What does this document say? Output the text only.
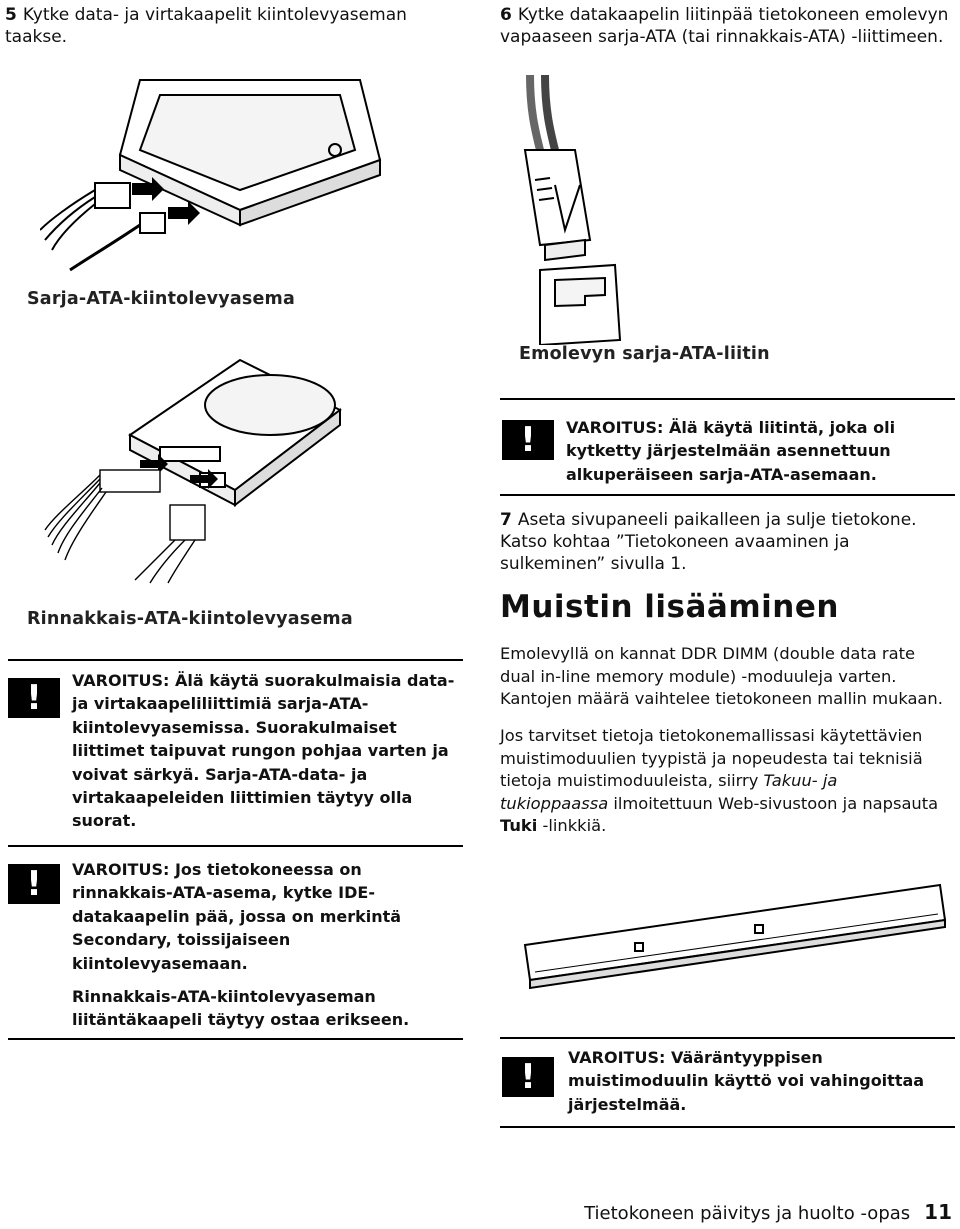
5 Kytke data- ja virtakaapelit kiintolevyaseman taakse.
6 Kytke datakaapelin liitinpää tietokoneen emolevyn vapaaseen sarja-ATA (tai rinnakkais-ATA) -liittimeen.
Sarja-ATA-kiintolevyasema
Emolevyn sarja-ATA-liitin
Rinnakkais-ATA-kiintolevyasema
!	VAROITUS: Älä käytä suorakulmaisia data- ja virtakaapeliliittimiä sarja-ATA-kiintolevyasemissa. Suorakulmaiset liittimet taipuvat rungon pohjaa varten ja voivat särkyä. Sarja-ATA-data- ja virtakaapeleiden liittimien täytyy olla suorat.
!	VAROITUS: Jos tietokoneessa on rinnakkais-ATA-asema, kytke IDE-datakaapelin pää, jossa on merkintä Secondary, toissijaiseen kiintolevyasemaan.
Rinnakkais-ATA-kiintolevyaseman liitäntäkaapeli täytyy ostaa erikseen.
!	VAROITUS: Älä käytä liitintä, joka oli kytketty järjestelmään asennettuun alkuperäiseen sarja-ATA-asemaan.
7 Aseta sivupaneeli paikalleen ja sulje tietokone. Katso kohtaa ”Tietokoneen avaaminen ja sulkeminen” sivulla 1.
Muistin lisääminen
Emolevyllä on kannat DDR DIMM (double data rate dual in-line memory module) -moduuleja varten. Kantojen määrä vaihtelee tietokoneen mallin mukaan.
Jos tarvitset tietoja tietokonemallissasi käytettävien muistimoduulien tyypistä ja nopeudesta tai teknisiä tietoja muistimoduuleista, siirry Takuu- ja tukioppaassa ilmoitettuun Web-sivustoon ja napsauta Tuki -linkkiä.
!	VAROITUS: Vääräntyyppisen muistimoduulin käyttö voi vahingoittaa järjestelmää.
Tietokoneen päivitys ja huolto -opas 11
